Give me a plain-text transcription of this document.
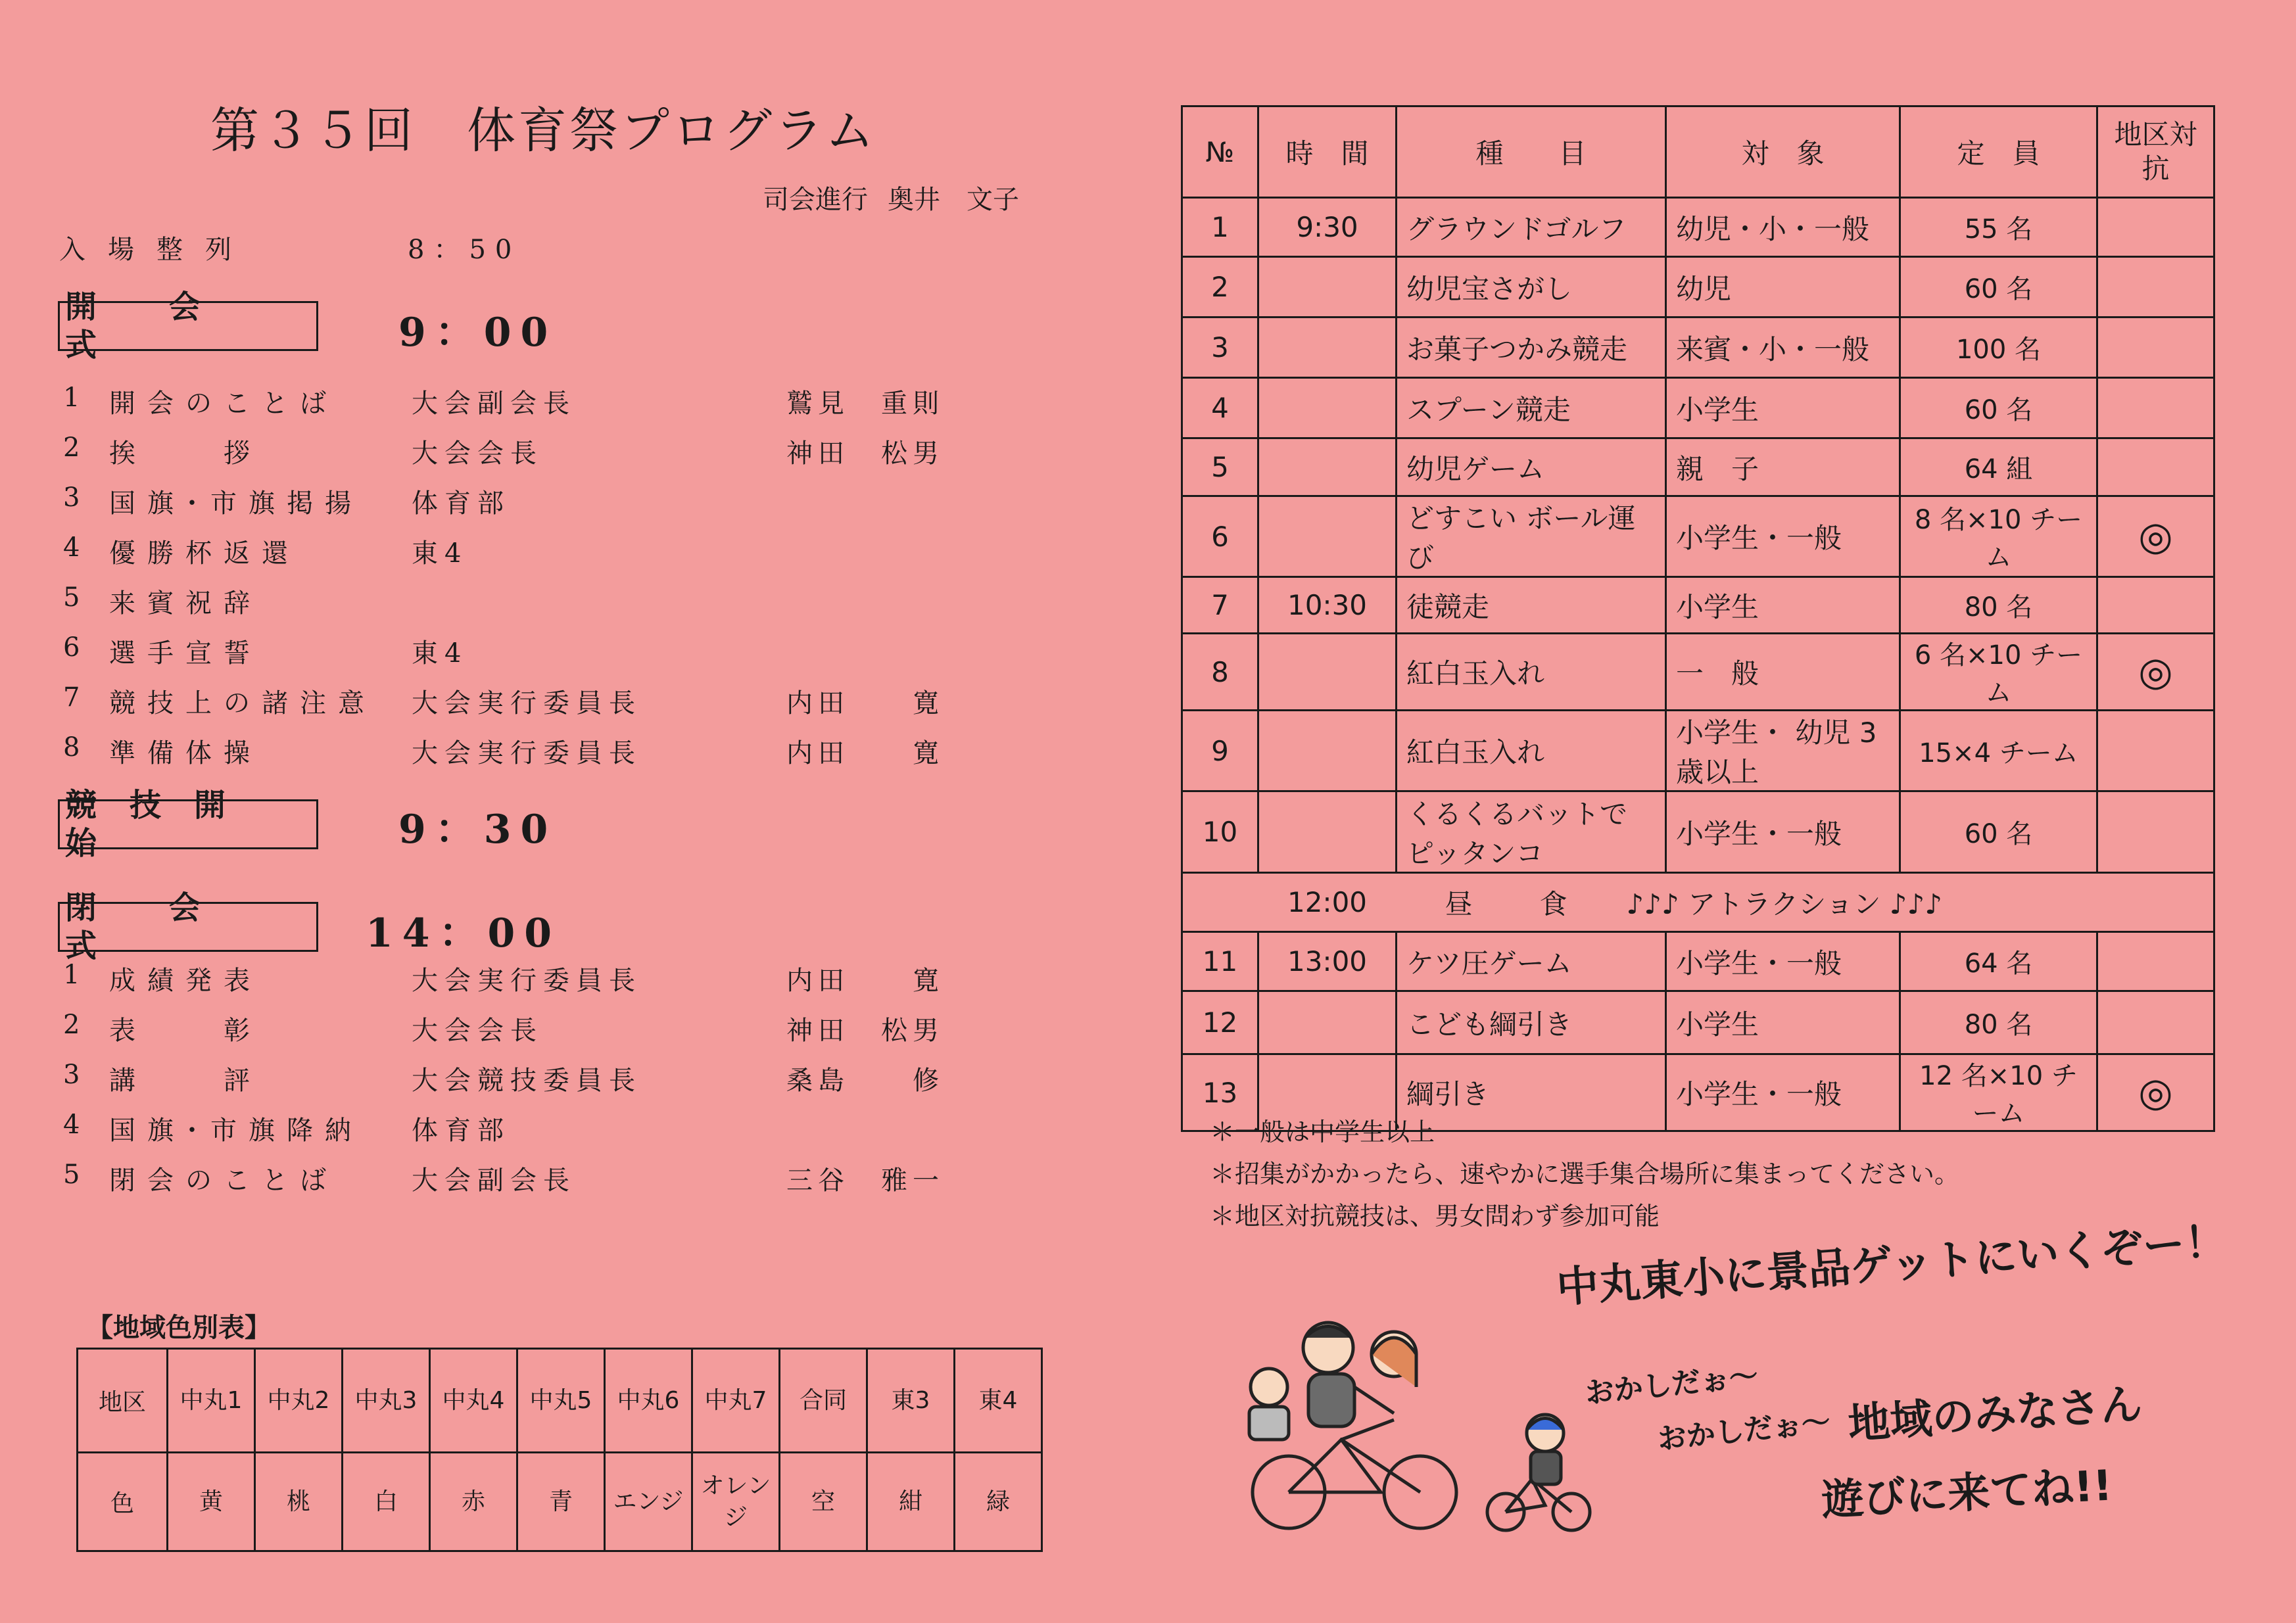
第３５回　体育祭プログラム
司会進行 奥井　文子
入場整列	8：50
開会式	9：00
1	開会のことば	大会副会長	鷲見　重則
2	挨　　拶	大会会長	神田　松男
3	国旗･市旗掲揚 体育部
4	優勝杯返還	東4
5	来賓祝辞
6	選手宣誓	東4
7	競技上の諸注意 大会実行委員長	内田　　寛
8	準備体操	大会実行委員長	内田　　寛
競技開始	9：30
閉会式	14：00
1	成績発表	大会実行委員長	内田　　寛
2	表　　彰	大会会長	神田　松男
3	講　　評	大会競技委員長	桑島　　修
4	国旗･市旗降納 体育部
5	閉会のことば	大会副会長	三谷　雅一
№	時　間	種　　目	対　象	定　員	地区対抗
1	9:30	グラウンドゴルフ	幼児・小・一般	55 名	
2		幼児宝さがし	幼児	60 名	
3		お菓子つかみ競走	来賓・小・一般	100 名	
4		スプーン競走	小学生	60 名	
5		幼児ゲーム	親　子	64 組	
6		どすこい ボール運び	小学生・一般	8 名×10 チーム	◎
7	10:30	徒競走	小学生	80 名	
8		紅白玉入れ	一　般	6 名×10 チーム	◎
9		紅白玉入れ	小学生・ 幼児 3 歳以上	15×4 チーム	
10		くるくるバットで ピッタンコ	小学生・一般	60 名	
	12:00	昼　食 ♪♪♪ アトラクション ♪♪♪			
11	13:00	ケツ圧ゲーム	小学生・一般	64 名	
12		こども綱引き	小学生	80 名	
13		綱引き	小学生・一般	12 名×10 チーム	◎
＊一般は中学生以上
＊招集がかかったら、速やかに選手集合場所に集まってください。
＊地区対抗競技は、男女問わず参加可能
【地域色別表】
地区	中丸1	中丸2	中丸3	中丸4	中丸5	中丸6	中丸7	合同	東3	東4
色	黄	桃	白	赤	青	エンジ	オレンジ	空	紺	緑
中丸東小に景品ゲットにいくぞー！
おかしだぉ～
おかしだぉ～ 地域のみなさん
遊びに来てね!!
